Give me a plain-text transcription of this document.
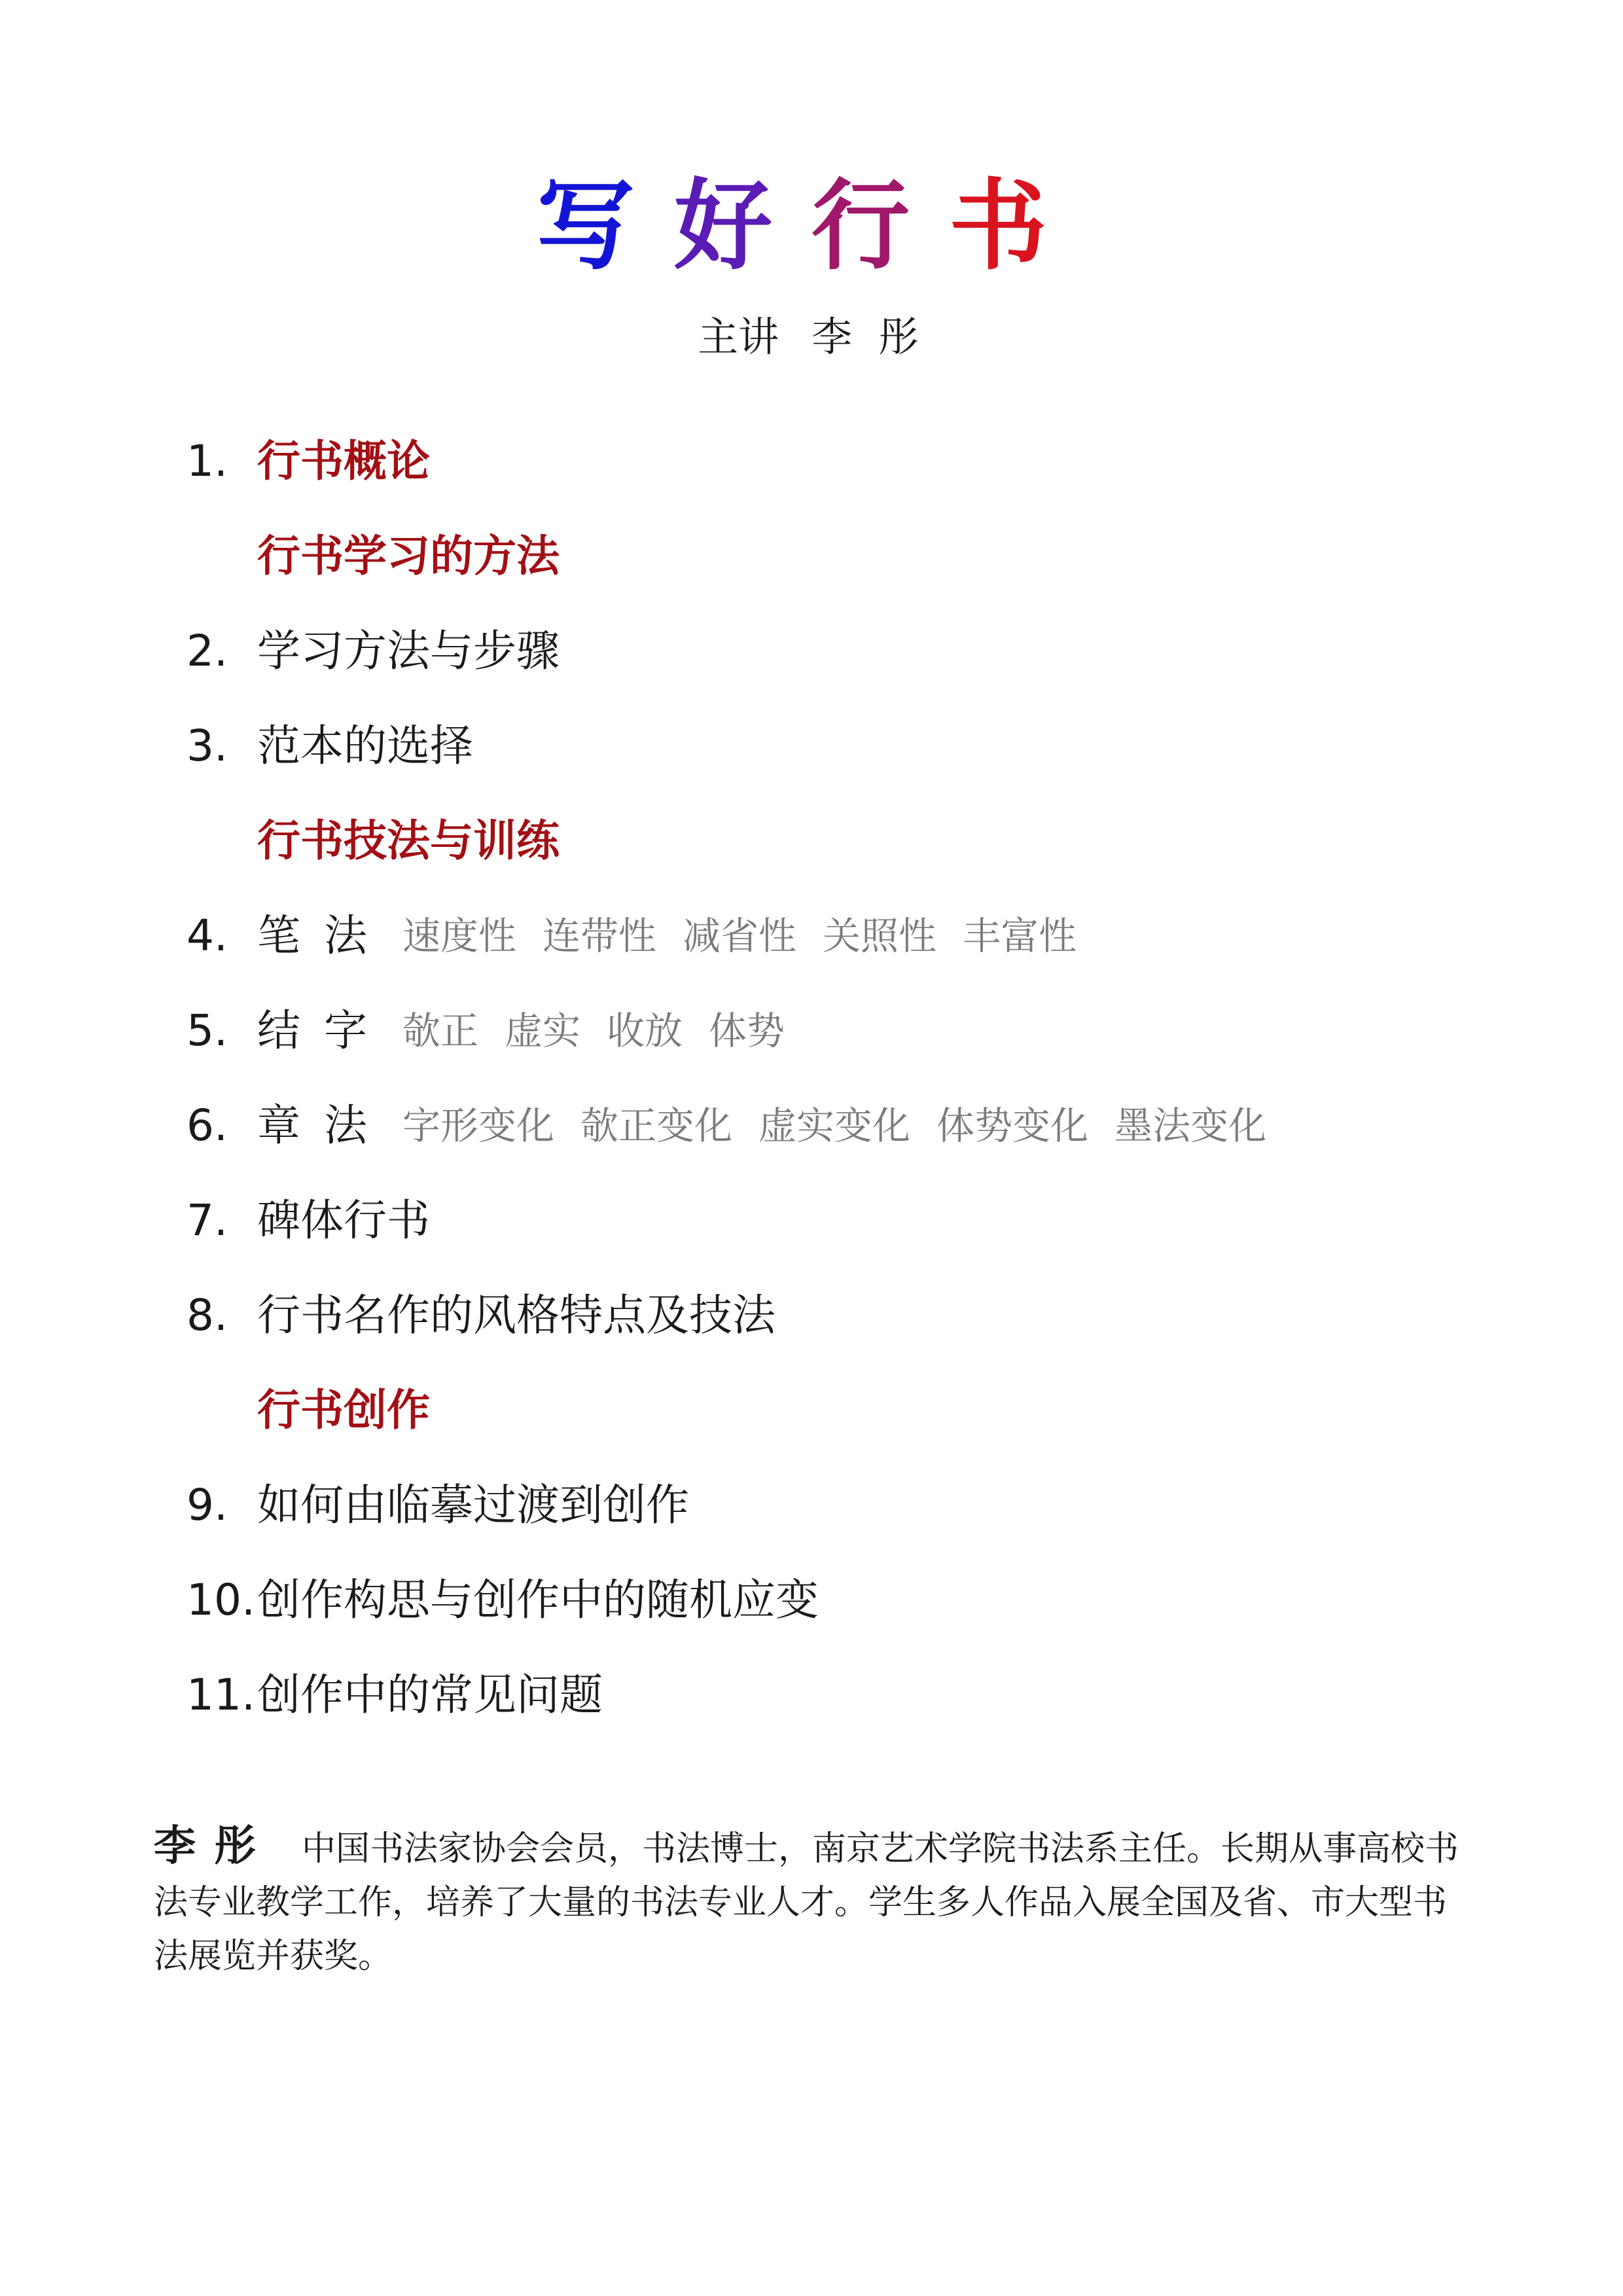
写好行书
主讲 李 彤
1. 行书概论
行书学习的方法
2. 学习方法与步骤
3. 范本的选择
行书技法与训练
4. 笔法 速度性 连带性 减省性 关照性 丰富性
5. 结字 欹正 虚实 收放 体势
6. 章法 字形变化 欹正变化 虚实变化 体势变化 墨法变化
7. 碑体行书
8. 行书名作的风格特点及技法
行书创作
9. 如何由临摹过渡到创作
10. 创作构思与创作中的随机应变
11. 创作中的常见问题
李彤 中国书法家协会会员，书法博士，南京艺术学院书法系主任。长期从事高校书法专业教学工作，培养了大量的书法专业人才。学生多人作品入展全国及省、市大型书法展览并获奖。
